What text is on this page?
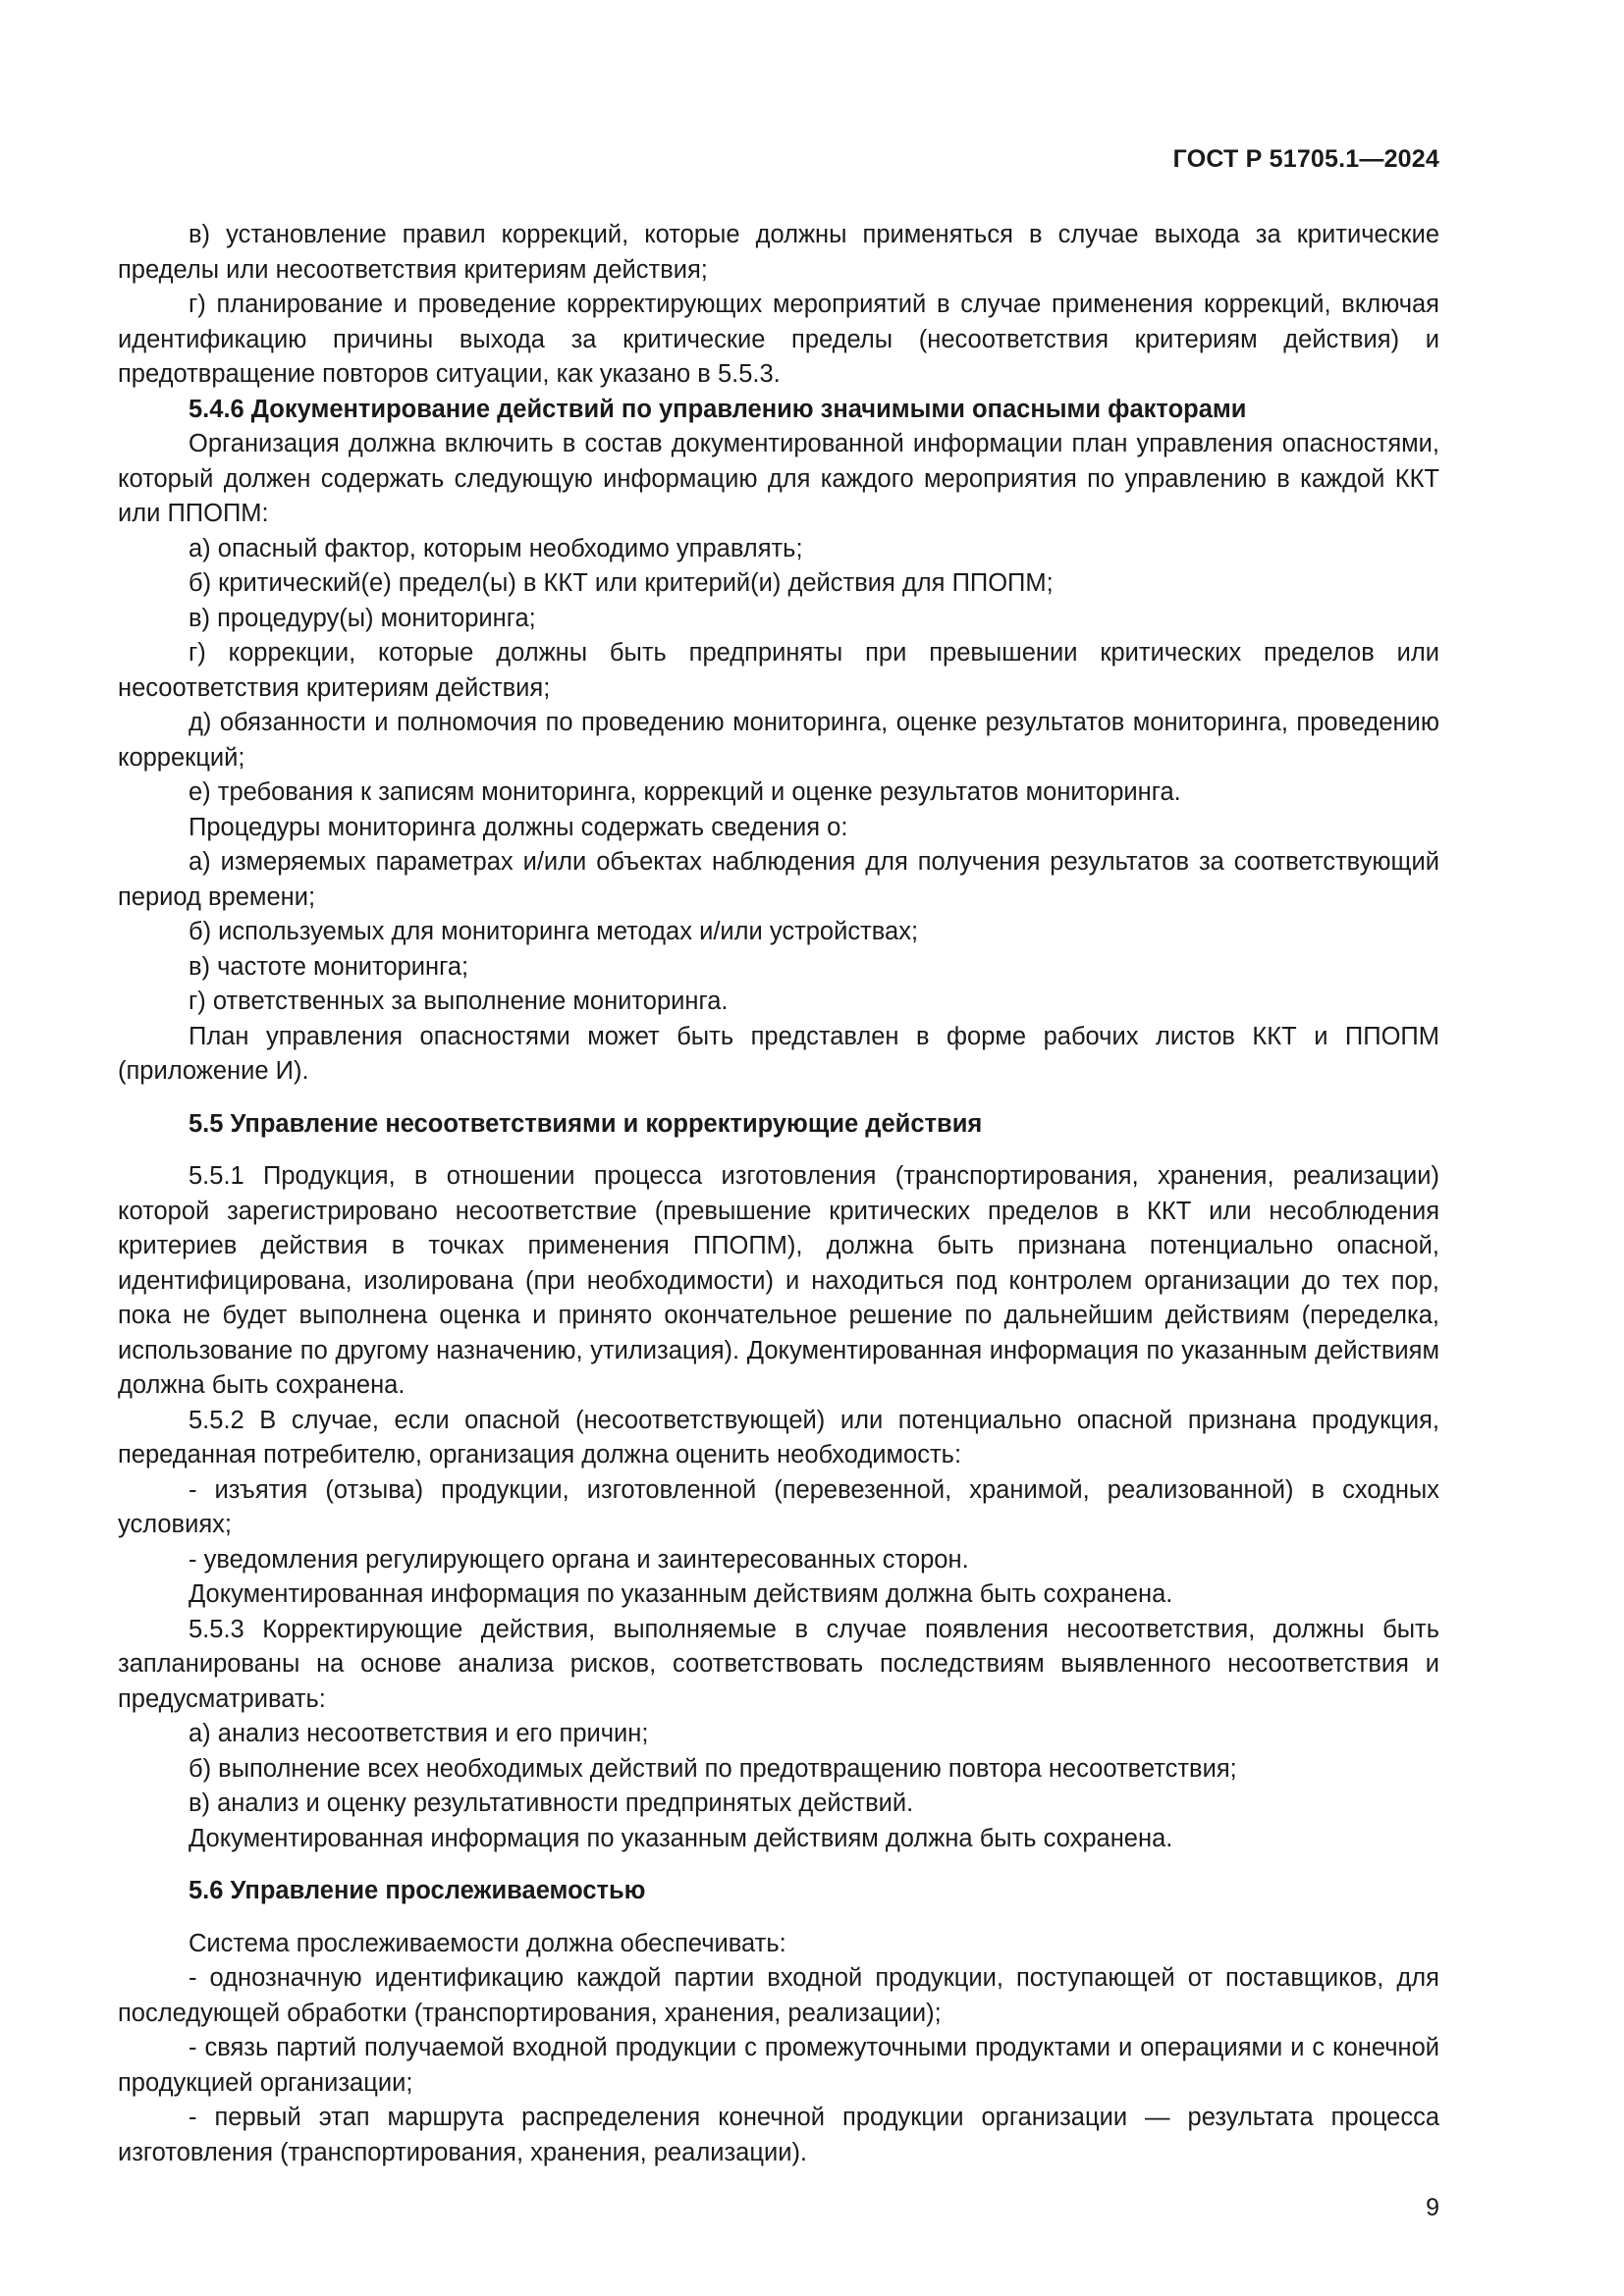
ГОСТ Р 51705.1—2024

в) установление правил коррекций, которые должны применяться в случае выхода за критические пределы или несоответствия критериям действия;

г) планирование и проведение корректирующих мероприятий в случае применения коррекций, включая идентификацию причины выхода за критические пределы (несоответствия критериям действия) и предотвращение повторов ситуации, как указано в 5.5.3.

5.4.6 Документирование действий по управлению значимыми опасными факторами

Организация должна включить в состав документированной информации план управления опасностями, который должен содержать следующую информацию для каждого мероприятия по управлению в каждой ККТ или ППОПМ:

а) опасный фактор, которым необходимо управлять;

б) критический(е) предел(ы) в ККТ или критерий(и) действия для ППОПМ;

в) процедуру(ы) мониторинга;

г) коррекции, которые должны быть предприняты при превышении критических пределов или несоответствия критериям действия;

д) обязанности и полномочия по проведению мониторинга, оценке результатов мониторинга, проведению коррекций;

е) требования к записям мониторинга, коррекций и оценке результатов мониторинга.

Процедуры мониторинга должны содержать сведения о:

а) измеряемых параметрах и/или объектах наблюдения для получения результатов за соответствующий период времени;

б) используемых для мониторинга методах и/или устройствах;

в) частоте мониторинга;

г) ответственных за выполнение мониторинга.

План управления опасностями может быть представлен в форме рабочих листов ККТ и ППОПМ (приложение И).

5.5 Управление несоответствиями и корректирующие действия

5.5.1 Продукция, в отношении процесса изготовления (транспортирования, хранения, реализации) которой зарегистрировано несоответствие (превышение критических пределов в ККТ или несоблюдения критериев действия в точках применения ППОПМ), должна быть признана потенциально опасной, идентифицирована, изолирована (при необходимости) и находиться под контролем организации до тех пор, пока не будет выполнена оценка и принято окончательное решение по дальнейшим действиям (переделка, использование по другому назначению, утилизация). Документированная информация по указанным действиям должна быть сохранена.

5.5.2 В случае, если опасной (несоответствующей) или потенциально опасной признана продукция, переданная потребителю, организация должна оценить необходимость:

- изъятия (отзыва) продукции, изготовленной (перевезенной, хранимой, реализованной) в сходных условиях;

- уведомления регулирующего органа и заинтересованных сторон.

Документированная информация по указанным действиям должна быть сохранена.

5.5.3 Корректирующие действия, выполняемые в случае появления несоответствия, должны быть запланированы на основе анализа рисков, соответствовать последствиям выявленного несоответствия и предусматривать:

а) анализ несоответствия и его причин;

б) выполнение всех необходимых действий по предотвращению повтора несоответствия;

в) анализ и оценку результативности предпринятых действий.

Документированная информация по указанным действиям должна быть сохранена.

5.6 Управление прослеживаемостью

Система прослеживаемости должна обеспечивать:

- однозначную идентификацию каждой партии входной продукции, поступающей от поставщиков, для последующей обработки (транспортирования, хранения, реализации);

- связь партий получаемой входной продукции с промежуточными продуктами и операциями и с конечной продукцией организации;

- первый этап маршрута распределения конечной продукции организации — результата процесса изготовления (транспортирования, хранения, реализации).

9
